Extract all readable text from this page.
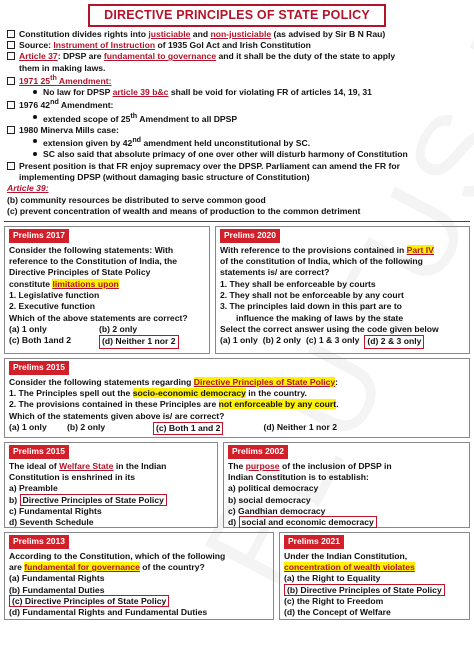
DIRECTIVE PRINCIPLES OF STATE POLICY

Constitution divides rights into justiciable and non-justiciable (as advised by Sir B N Rau)

Source: Instrument of Instruction of 1935 GoI Act and Irish Constitution

Article 37: DPSP are fundamental to governance and it shall be the duty of the state to apply

them in making laws.

1971 25th Amendment:

No law for DPSP article 39 b&c shall be void for violating FR of articles 14, 19, 31

1976 42nd Amendment:

extended scope of 25th Amendment to all DPSP

1980 Minerva Mills case:

extension given by 42nd amendment held unconstitutional by SC.

SC also said that absolute primacy of one over other will disturb harmony of Constitution

Present position is that FR enjoy supremacy over the DPSP. Parliament can amend the FR for

implementing DPSP (without damaging basic structure of Constitution)

Article 39:

(b) community resources be distributed to serve common good

(c) prevent concentration of wealth and means of production to the common detriment

Prelims 2017

Consider the following statements: With

reference to the Constitution of India, the

Directive Principles of State Policy

constitute limitations upon

1. Legislative function

2. Executive function

Which of the above statements are correct?

(a) 1 only	(b) 2 only
(c) Both 1and 2	(d) Neither 1 nor 2
Prelims 2020

With reference to the provisions contained in Part IV

of the constitution of India, which of the following

statements is/ are correct?

1. They shall be enforceable by courts

2. They shall not be enforceable by any court

3. The principles laid down in this part are to

influence the making of laws by the state

Select the correct answer using the code given below

(a) 1 only (b) 2 only (c) 1 & 3 only (d) 2 & 3 only
Prelims 2015

Consider the following statements regarding Directive Principles of State Policy:

1. The Principles spell out the socio-economic democracy in the country.

2. The provisions contained in these Principles are not enforceable by any court.

Which of the statements given above is/ are correct?

(a) 1 only	(b) 2 only	(c) Both 1 and 2	(d) Neither 1 nor 2
Prelims 2015

The ideal of Welfare State in the Indian

Constitution is enshrined in its

a) Preamble

b) Directive Principles of State Policy

c) Fundamental Rights

d) Seventh Schedule

Prelims 2002

The purpose of the inclusion of DPSP in

Indian Constitution is to establish:

a) political democracy

b) social democracy

c) Gandhian democracy

d) social and economic democracy

Prelims 2013

According to the Constitution, which of the following

are fundamental for governance of the country?

(a) Fundamental Rights

(b) Fundamental Duties

(c) Directive Principles of State Policy

(d) Fundamental Rights and Fundamental Duties

Prelims 2021

Under the Indian Constitution,

concentration of wealth violates

(a) the Right to Equality

(b) Directive Principles of State Policy

(c) the Right to Freedom

(d) the Concept of Welfare
